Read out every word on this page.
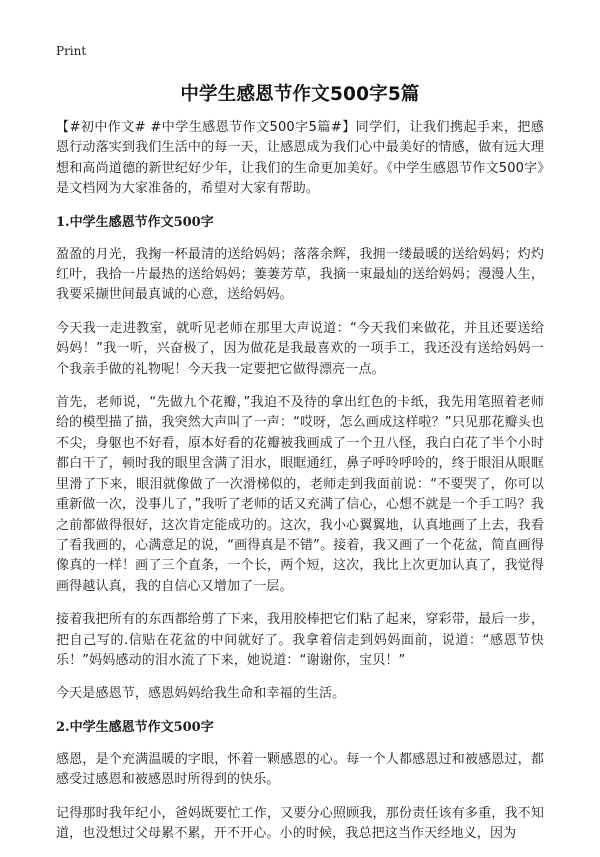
Print
中学生感恩节作文500字5篇

【#初中作文# #中学生感恩节作文500字5篇#】同学们，让我们携起手来，把感恩行动落实到我们生活中的每一天，让感恩成为我们心中最美好的情感，做有远大理想和高尚道德的新世纪好少年，让我们的生命更加美好。《中学生感恩节作文500字》是文档网为大家准备的，希望对大家有帮助。

1.中学生感恩节作文500字

盈盈的月光，我掬一杯最清的送给妈妈；落落余辉，我拥一缕最暖的送给妈妈；灼灼红叶，我拾一片最热的送给妈妈；萋萋芳草，我摘一束最灿的送给妈妈；漫漫人生，我要采撷世间最真诚的心意，送给妈妈。

今天我一走进教室，就听见老师在那里大声说道：“今天我们来做花，并且还要送给妈妈！”我一听，兴奋极了，因为做花是我最喜欢的一项手工，我还没有送给妈妈一个我亲手做的礼物呢！今天我一定要把它做得漂亮一点。

首先，老师说，“先做九个花瓣，”我迫不及待的拿出红色的卡纸，我先用笔照着老师给的模型描了描，我突然大声叫了一声：“哎呀，怎么画成这样啦？”只见那花瓣头也不尖，身躯也不好看，原本好看的花瓣被我画成了一个丑八怪，我白白花了半个小时都白干了，顿时我的眼里含满了泪水，眼眶通红，鼻子呼呤呼呤的，终于眼泪从眼眶里滑了下来，眼泪就像做了一次滑梯似的，老师走到我面前说：“不要哭了，你可以重新做一次，没事儿了，”我听了老师的话又充满了信心，心想不就是一个手工吗？我之前都做得很好，这次肯定能成功的。这次，我小心翼翼地，认真地画了上去，我看了看我画的，心满意足的说，“画得真是不错”。接着，我又画了一个花盆，简直画得像真的一样！画了三个直条，一个长，两个短，这次，我比上次更加认真了，我觉得画得越认真，我的自信心又增加了一层。

接着我把所有的东西都给剪了下来，我用胶棒把它们粘了起来，穿彩带，最后一步，把自己写的.信贴在花盆的中间就好了。我拿着信走到妈妈面前，说道：“感恩节快乐！”妈妈感动的泪水流了下来，她说道：“谢谢你，宝贝！”

今天是感恩节，感恩妈妈给我生命和幸福的生活。

2.中学生感恩节作文500字

感恩，是个充满温暖的字眼，怀着一颗感恩的心。每一个人都感恩过和被感恩过，都感受过感恩和被感恩时所得到的快乐。

记得那时我年纪小，爸妈既要忙工作，又要分心照顾我，那份责任该有多重，我不知道，也没想过父母累不累，开不开心。小的时候，我总把这当作天经地义，因为
